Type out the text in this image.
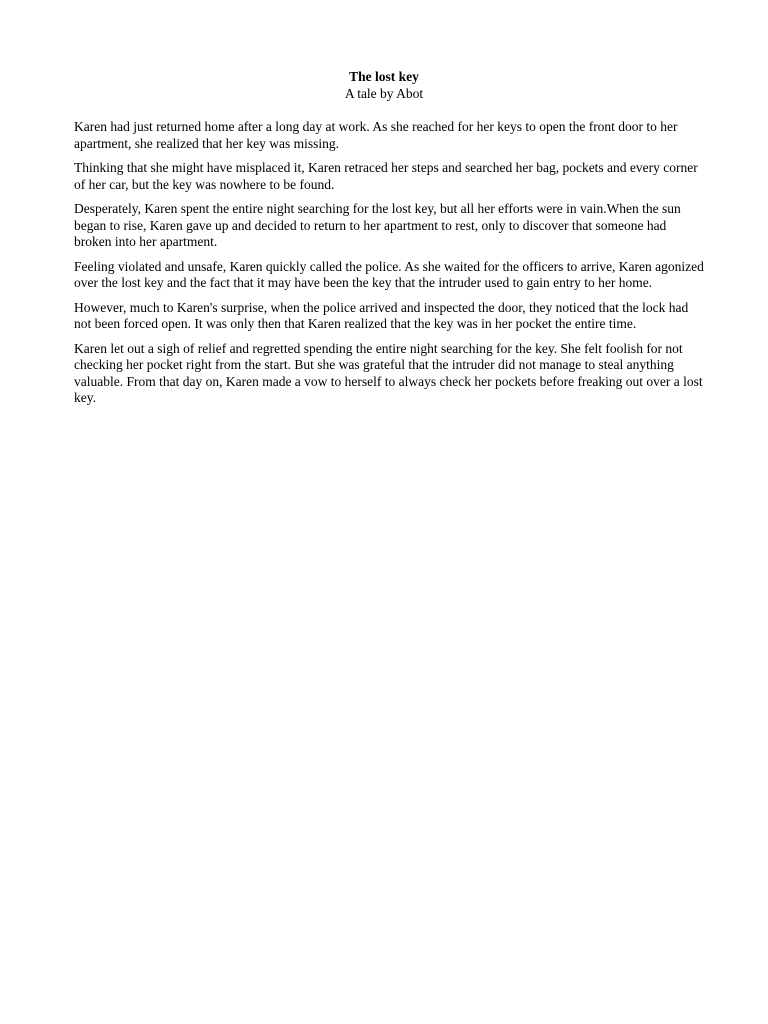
The lost key
A tale by Abot

Karen had just returned home after a long day at work. As she reached for her keys to open the front door to her apartment, she realized that her key was missing.

Thinking that she might have misplaced it, Karen retraced her steps and searched her bag, pockets and every corner of her car, but the key was nowhere to be found.

Desperately, Karen spent the entire night searching for the lost key, but all her efforts were in vain.When the sun began to rise, Karen gave up and decided to return to her apartment to rest, only to discover that someone had broken into her apartment.

Feeling violated and unsafe, Karen quickly called the police. As she waited for the officers to arrive, Karen agonized over the lost key and the fact that it may have been the key that the intruder used to gain entry to her home.

However, much to Karen's surprise, when the police arrived and inspected the door, they noticed that the lock had not been forced open. It was only then that Karen realized that the key was in her pocket the entire time.

Karen let out a sigh of relief and regretted spending the entire night searching for the key. She felt foolish for not checking her pocket right from the start. But she was grateful that the intruder did not manage to steal anything valuable. From that day on, Karen made a vow to herself to always check her pockets before freaking out over a lost key.
